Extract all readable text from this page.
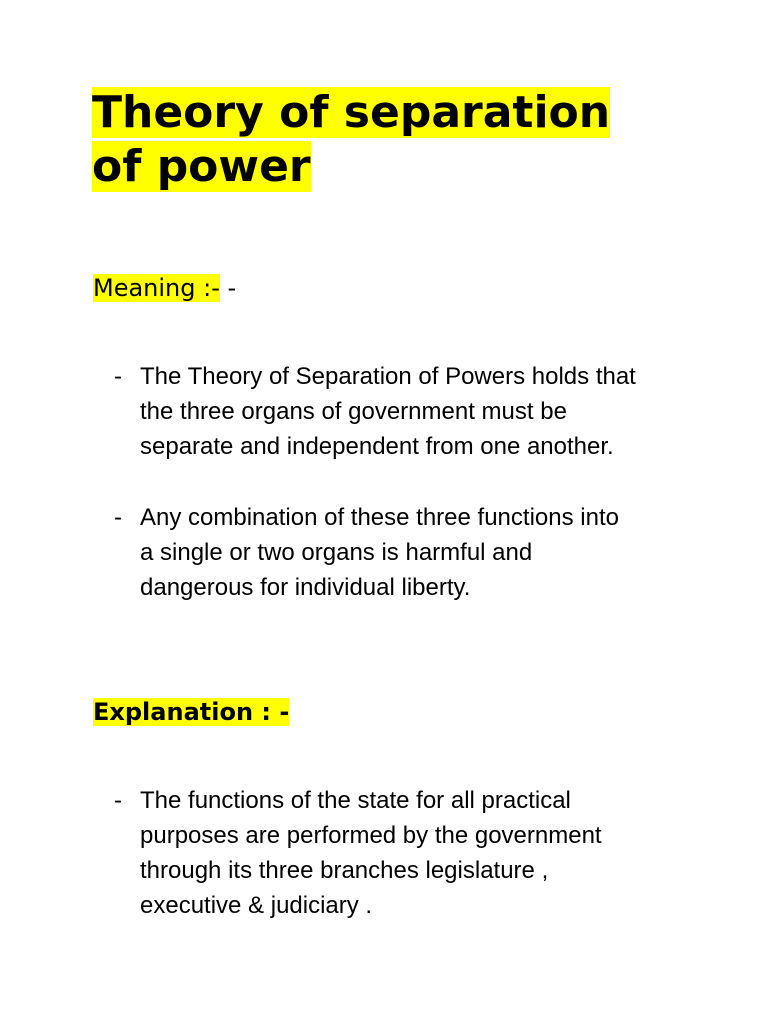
Theory of separation
of power

Meaning :- -

- The Theory of Separation of Powers holds that
the three organs of government must be
separate and independent from one another.
- Any combination of these three functions into
a single or two organs is harmful and
dangerous for individual liberty.

Explanation : -

- The functions of the state for all practical
purposes are performed by the government
through its three branches legislature ,
executive & judiciary .
